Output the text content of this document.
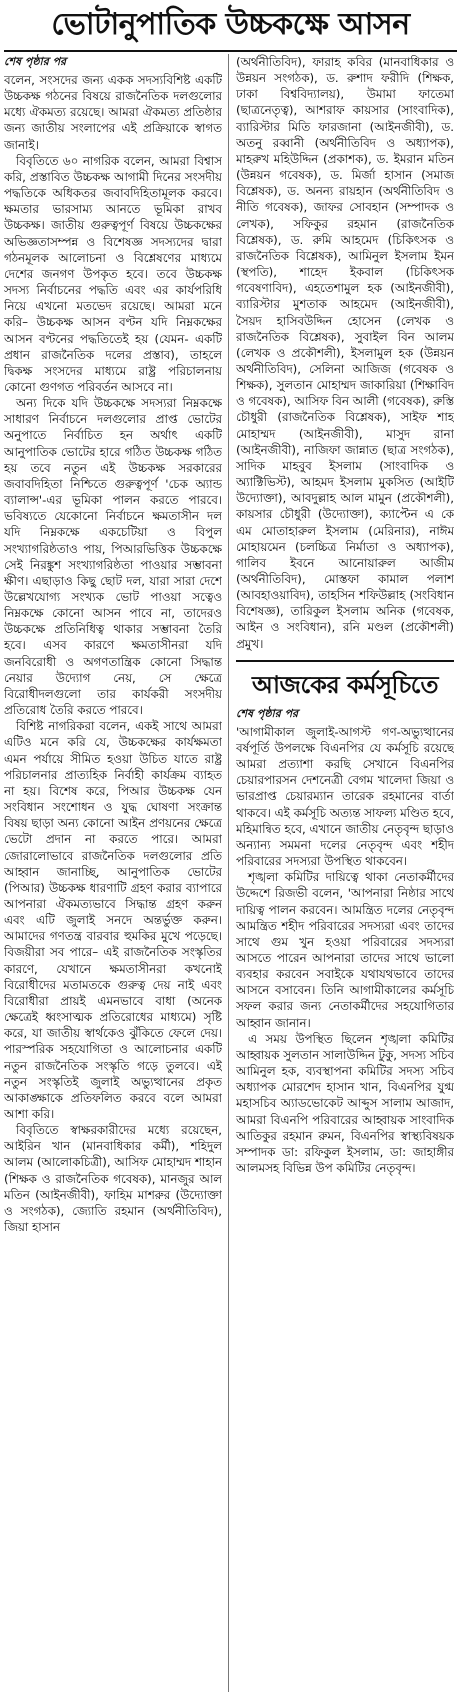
ভোটানুপাতিক উচ্চকক্ষে আসন
শেষ পৃষ্ঠার পর

বলেন, সংসদের জন্য একক সদস্যবিশিষ্ট একটি উচ্চকক্ষ গঠনের বিষয়ে রাজনৈতিক দলগুলোর মধ্যে ঐকমত্য রয়েছে। আমরা ঐকমত্য প্রতিষ্ঠার জন্য জাতীয় সংলাপের এই প্রক্রিয়াকে স্বাগত জানাই।

বিবৃতিতে ৬০ নাগরিক বলেন, আমরা বিশ্বাস করি, প্রস্তাবিত উচ্চকক্ষ আগামী দিনের সংসদীয় পদ্ধতিকে অধিকতর জবাবদিহিতামূলক করবে। ক্ষমতার ভারসাম্য আনতে ভূমিকা রাখব উচ্চকক্ষ। জাতীয় গুরুত্বপূর্ণ বিষয়ে উচ্চকক্ষের অভিজ্ঞতাসম্পন্ন ও বিশেষজ্ঞ সদস্যদের দ্বারা গঠনমূলক আলোচনা ও বিশ্লেষণের মাধ্যমে দেশের জনগণ উপকৃত হবে। তবে উচ্চকক্ষ সদস্য নির্বাচনের পদ্ধতি এবং এর কার্যপরিধি নিয়ে এখনো মতভেদ রয়েছে। আমরা মনে করি– উচ্চকক্ষ আসন বণ্টন যদি নিম্নকক্ষের আসন বণ্টনের পদ্ধতিতেই হয় (যেমন- একটি প্রধান রাজনৈতিক দলের প্রস্তাব), তাহলে দ্বিকক্ষ সংসদের মাধ্যমে রাষ্ট্র পরিচালনায় কোনো গুণগত পরিবর্তন আসবে না।

অন্য দিকে যদি উচ্চকক্ষে সদস্যরা নিম্নকক্ষে সাধারণ নির্বাচনে দলগুলোর প্রাপ্ত ভোটের অনুপাতে নির্বাচিত হন অর্থাৎ একটি আনুপাতিক ভোটের হারে গঠিত উচ্চকক্ষ গঠিত হয় তবে নতুন এই উচ্চকক্ষ সরকারের জবাবদিহিতা নিশ্চিতে গুরুত্বপূর্ণ 'চেক অ্যান্ড ব্যালান্স'-এর ভূমিকা পালন করতে পারবে। ভবিষ্যতে যেকোনো নির্বাচনে ক্ষমতাসীন দল যদি নিম্নকক্ষে একচেটিয়া ও বিপুল সংখ্যাগরিষ্ঠতাও পায়, পিআরভিত্তিক উচ্চকক্ষে সেই নিরঙ্কুশ সংখ্যাগরিষ্ঠতা পাওয়ার সম্ভাবনা ক্ষীণ। এছাড়াও কিছু ছোট দল, যারা সারা দেশে উল্লেখযোগ্য সংখ্যক ভোট পাওয়া সত্বেও নিম্নকক্ষে কোনো আসন পাবে না, তাদেরও উচ্চকক্ষে প্রতিনিধিত্ব থাকার সম্ভাবনা তৈরি হবে। এসব কারণে ক্ষমতাসীনরা যদি জনবিরোধী ও অগণতান্ত্রিক কোনো সিদ্ধান্ত নেয়ার উদ্যোগ নেয়, সে ক্ষেত্রে বিরোধীদলগুলো তার কার্যকরী সংসদীয় প্রতিরোধ তৈরি করতে পারবে।

বিশিষ্ট নাগরিকরা বলেন, একই সাথে আমরা এটিও মনে করি যে, উচ্চকক্ষের কার্যক্ষমতা এমন পর্যায়ে সীমিত হওয়া উচিত যাতে রাষ্ট্র পরিচালনার প্রাত্যহিক নির্বাহী কার্যক্রম ব্যাহত না হয়। বিশেষ করে, পিআর উচ্চকক্ষ যেন সংবিধান সংশোধন ও যুদ্ধ ঘোষণা সংক্রান্ত বিষয় ছাড়া অন্য কোনো আইন প্রণয়নের ক্ষেত্রে ভেটো প্রদান না করতে পারে। আমরা জোরালোভাবে রাজনৈতিক দলগুলোর প্রতি আহ্বান জানাচ্ছি, আনুপাতিক ভোটের (পিআর) উচ্চকক্ষ ধারণাটি গ্রহণ করার ব্যাপারে আপনারা ঐকমত্যভাবে সিদ্ধান্ত গ্রহণ করুন এবং এটি জুলাই সনদে অন্তর্ভুক্ত করুন। আমাদের গণতন্ত্র বারবার হুমকির মুখে পড়েছে। বিজয়ীরা সব পারে– এই রাজনৈতিক সংস্কৃতির কারণে, যেখানে ক্ষমতাসীনরা কখনোই বিরোধীদের মতামতকে গুরুত্ব দেয় নাই এবং বিরোধীরা প্রায়ই এমনভাবে বাধা (অনেক ক্ষেত্রেই ধ্বংসাত্মক প্রতিরোধের মাধ্যমে) সৃষ্টি করে, যা জাতীয় স্বার্থকেও ঝুঁকিতে ফেলে দেয়। পারস্পরিক সহযোগিতা ও আলোচনার একটি নতুন রাজনৈতিক সংস্কৃতি গড়ে তুলবে। এই নতুন সংস্কৃতিই জুলাই অভ্যুত্থানের প্রকৃত আকাঙ্ক্ষাকে প্রতিফলিত করবে বলে আমরা আশা করি।

বিবৃতিতে স্বাক্ষরকারীদের মধ্যে রয়েছেন, আইরিন খান (মানবাধিকার কর্মী), শহিদুল আলম (আলোকচিত্রী), আসিফ মোহাম্মদ শাহান (শিক্ষক ও রাজনৈতিক গবেষক), মানজুর আল মতিন (আইনজীবী), ফাহিম মাশরুর (উদ্যোক্তা ও সংগঠক), জ্যোতি রহমান (অর্থনীতিবিদ), জিয়া হাসান

(অর্থনীতিবিদ), ফারাহ কবির (মানবাধিকার ও উন্নয়ন সংগঠক), ড. রুশাদ ফরীদি (শিক্ষক, ঢাকা বিশ্ববিদ্যালয়), উমামা ফাতেমা (ছাত্রনেতৃত্ব), আশরাফ কায়সার (সাংবাদিক), ব্যারিস্টার মিতি ফারজানা (আইনজীবী), ড. অতনু রব্বানী (অর্থনীতিবিদ ও অধ্যাপক), মাহরুখ মহিউদ্দিন (প্রকাশক), ড. ইমরান মতিন (উন্নয়ন গবেষক), ড. মির্জা হাসান (সমাজ বিশ্লেষক), ড. অনন্য রায়হান (অর্থনীতিবিদ ও নীতি গবেষক), জাফর সোবহান (সম্পাদক ও লেখক), সফিকুর রহমান (রাজনৈতিক বিশ্লেষক), ড. রুমি আহমেদ (চিকিৎসক ও রাজনৈতিক বিশ্লেষক), আমিনুল ইসলাম ইমন (স্থপতি), শাহেদ ইকবাল (চিকিৎসক গবেষণাবিদ), এহতেশামুল হক (আইনজীবী), ব্যারিস্টার মুশতাক আহমেদ (আইনজীবী), সৈয়দ হাসিবউদ্দিন হোসেন (লেখক ও রাজনৈতিক বিশ্লেষক), সুবাইল বিন আলম (লেখক ও প্রকৌশলী), ইসলামুল হক (উন্নয়ন অর্থনীতিবিদ), সেলিনা আজিজ (গবেষক ও শিক্ষক), সুলতান মোহাম্মদ জাকারিয়া (শিক্ষাবিদ ও গবেষক), আসিফ বিন আলী (গবেষক), রুস্তি চৌধুরী (রাজনৈতিক বিশ্লেষক), সাইফ শাহ মোহাম্মদ (আইনজীবী), মাসুদ রানা (আইনজীবী), নাজিফা জান্নাত (ছাত্র সংগঠক), সাদিক মাহবুব ইসলাম (সাংবাদিক ও অ্যাক্টিভিস্ট), আহমদ ইসলাম মুকসিত (আইটি উদ্যোক্তা), আবদুল্লাহ আল মামুন (প্রকৌশলী), কায়সার চৌধুরী (উদ্যোক্তা), ক্যাপ্টেন এ কে এম মোতাহারুল ইসলাম (মেরিনার), নাঈম মোহায়মেন (চলচ্চিত্র নির্মাতা ও অধ্যাপক), গালিব ইবনে আনোয়ারুল আজীম (অর্থনীতিবিদ), মোস্তফা কামাল পলাশ (আবহাওয়াবিদ), তাহসিন শফিউল্লাহ (সংবিধান বিশেষজ্ঞ), তারিকুল ইসলাম অনিক (গবেষক, আইন ও সংবিধান), রনি মণ্ডল (প্রকৌশলী) প্রমুখ।

আজকের কর্মসূচিতে
শেষ পৃষ্ঠার পর

'আগামীকাল জুলাই-আগস্ট গণ-অভ্যুত্থানের বর্ষপূর্তি উপলক্ষে বিএনপির যে কর্মসূচি রয়েছে আমরা প্রত্যাশা করছি সেখানে বিএনপির চেয়ারপারসন দেশনেত্রী বেগম খালেদা জিয়া ও ভারপ্রাপ্ত চেয়ারম্যান তারেক রহমানের বার্তা থাকবে। এই কর্মসূচি অত্যন্ত সাফল্য মণ্ডিত হবে, মহিমান্বিত হবে, এখানে জাতীয় নেতৃবৃন্দ ছাড়াও অন্যান্য সমমনা দলের নেতৃবৃন্দ এবং শহীদ পরিবারের সদস্যরা উপস্থিত থাকবেন।

শৃঙ্খলা কমিটির দায়িত্বে থাকা নেতাকর্মীদের উদ্দেশে রিজভী বলেন, 'আপনারা নিষ্ঠার সাথে দায়িত্ব পালন করবেন। আমন্ত্রিত দলের নেতৃবৃন্দ আমন্ত্রিত শহীদ পরিবারের সদস্যরা এবং তাদের সাথে গুম খুন হওয়া পরিবারের সদস্যরা আসতে পারেন আপনারা তাদের সাথে ভালো ব্যবহার করবেন সবাইকে যথাযথভাবে তাদের আসনে বসাবেন। তিনি আগামীকালের কর্মসূচি সফল করার জন্য নেতাকর্মীদের সহযোগিতার আহ্বান জানান।

এ সময় উপস্থিত ছিলেন শৃঙ্খলা কমিটির আহ্বায়ক সুলতান সালাউদ্দিন টুকু, সদস্য সচিব আমিনুল হক, ব্যবস্থাপনা কমিটির সদস্য সচিব অধ্যাপক মোরশেদ হাসান খান, বিএনপির যুগ্ম মহাসচিব অ্যাডভোকেট আব্দুস সালাম আজাদ, আমরা বিএনপি পরিবারের আহ্বায়ক সাংবাদিক আতিকুর রহমান রুমন, বিএনপির স্বাস্থ্যবিষয়ক সম্পাদক ডা: রফিকুল ইসলাম, ডা: জাহাঙ্গীর আলমসহ বিভিন্ন উপ কমিটির নেতৃবৃন্দ।
